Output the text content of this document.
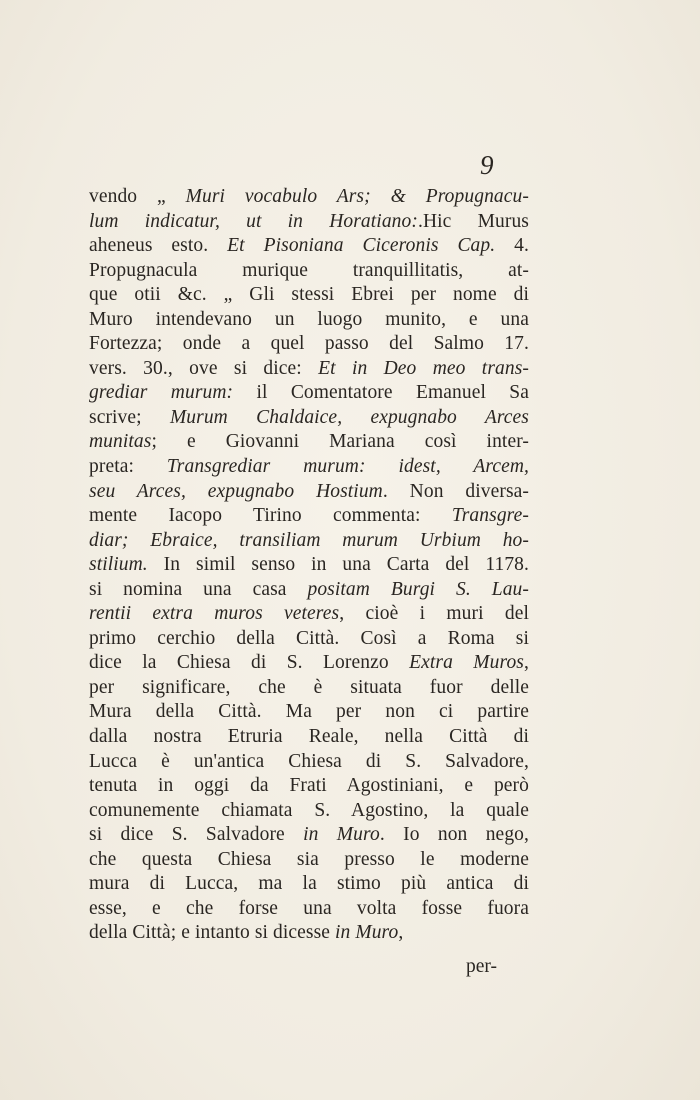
9
vendo „ Muri vocabulo Ars; & Propugnacu-
lum indicatur, ut in Horatiano:.Hic Murus
aheneus esto. Et Pisoniana Ciceronis Cap. 4.
Propugnacula murique tranquillitatis, at-
que otii &c. „ Gli stessi Ebrei per nome di
Muro intendevano un luogo munito, e una
Fortezza; onde a quel passo del Salmo 17.
vers. 30., ove si dice: Et in Deo meo trans-
grediar murum: il Comentatore Emanuel Sa
scrive; Murum Chaldaice, expugnabo Arces
munitas; e Giovanni Mariana così inter-
preta: Transgrediar murum: idest, Arcem,
seu Arces, expugnabo Hostium. Non diversa-
mente Iacopo Tirino commenta: Transgre-
diar; Ebraice, transiliam murum Urbium ho-
stilium. In simil senso in una Carta del 1178.
si nomina una casa positam Burgi S. Lau-
rentii extra muros veteres, cioè i muri del
primo cerchio della Città. Così a Roma si
dice la Chiesa di S. Lorenzo Extra Muros,
per significare, che è situata fuor delle
Mura della Città. Ma per non ci partire
dalla nostra Etruria Reale, nella Città di
Lucca è un'antica Chiesa di S. Salvadore,
tenuta in oggi da Frati Agostiniani, e però
comunemente chiamata S. Agostino, la quale
si dice S. Salvadore in Muro. Io non nego,
che questa Chiesa sia presso le moderne
mura di Lucca, ma la stimo più antica di
esse, e che forse una volta fosse fuora
della Città; e intanto si dicesse in Muro,
per-
